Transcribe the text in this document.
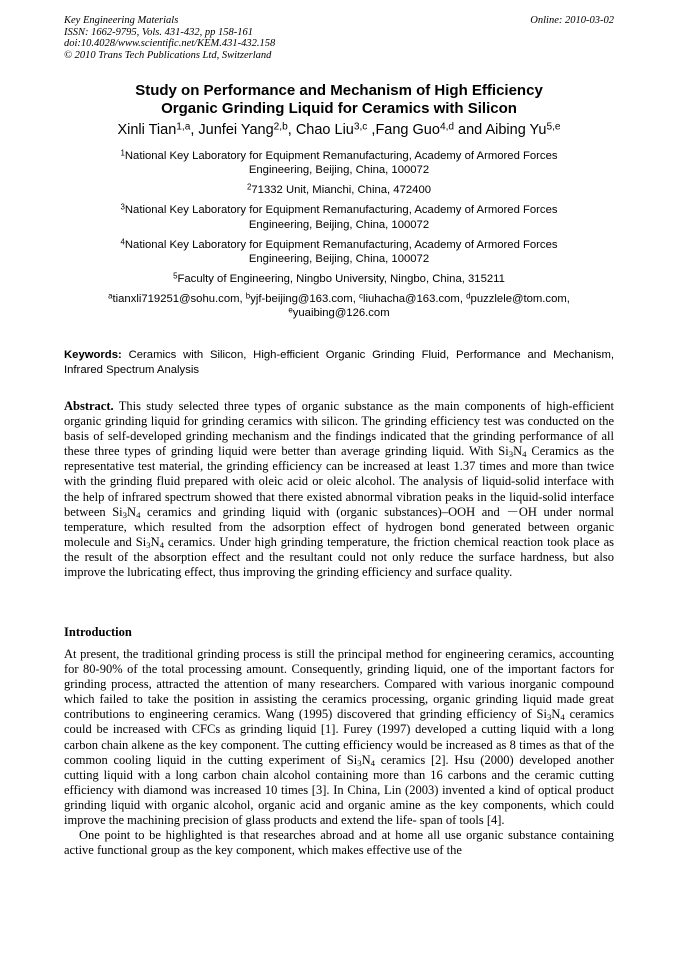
Key Engineering Materials
ISSN: 1662-9795, Vols. 431-432, pp 158-161
doi:10.4028/www.scientific.net/KEM.431-432.158
© 2010 Trans Tech Publications Ltd, Switzerland
Online: 2010-03-02
Study on Performance and Mechanism of High Efficiency
Organic Grinding Liquid for Ceramics with Silicon
Xinli Tian$^{1,a}$, Junfei Yang$^{2,b}$, Chao Liu$^{3,c}$ ,Fang Guo$^{4,d}$ and Aibing Yu$^{5,e}$

$^1$National Key Laboratory for Equipment Remanufacturing, Academy of Armored Forces
Engineering, Beijing, China, 100072

$^2$71332 Unit, Mianchi, China, 472400

$^3$National Key Laboratory for Equipment Remanufacturing, Academy of Armored Forces
Engineering, Beijing, China, 100072

$^4$National Key Laboratory for Equipment Remanufacturing, Academy of Armored Forces
Engineering, Beijing, China, 100072

$^5$Faculty of Engineering, Ningbo University, Ningbo, China, 315211

$^a$tianxli719251@sohu.com, $^b$yjf-beijing@163.com, $^c$liuhacha@163.com, $^d$puzzlele@tom.com,
$^e$yuaibing@126.com

Keywords: Ceramics with Silicon, High-efficient Organic Grinding Fluid, Performance and Mechanism, Infrared Spectrum Analysis
Abstract. This study selected three types of organic substance as the main components of high-efficient organic grinding liquid for grinding ceramics with silicon. The grinding efficiency test was conducted on the basis of self-developed grinding mechanism and the findings indicated that the grinding performance of all these three types of grinding liquid were better than average grinding liquid. With $Si_3N_4$ Ceramics as the representative test material, the grinding efficiency can be increased at least 1.37 times and more than twice with the grinding fluid prepared with oleic acid or oleic alcohol. The analysis of liquid-solid interface with the help of infrared spectrum showed that there existed abnormal vibration peaks in the liquid-solid interface between $Si_3N_4$ ceramics and grinding liquid with (organic substances)–OOH and －OH under normal temperature, which resulted from the adsorption effect of hydrogen bond generated between organic molecule and $Si_3N_4$ ceramics. Under high grinding temperature, the friction chemical reaction took place as the result of the absorption effect and the resultant could not only reduce the surface hardness, but also improve the lubricating effect, thus improving the grinding efficiency and surface quality.
Introduction

At present, the traditional grinding process is still the principal method for engineering ceramics, accounting for 80-90% of the total processing amount. Consequently, grinding liquid, one of the important factors for grinding process, attracted the attention of many researchers. Compared with various inorganic compound which failed to take the position in assisting the ceramics processing, organic grinding liquid made great contributions to engineering ceramics. Wang (1995) discovered that grinding efficiency of $Si_3N_4$ ceramics could be increased with CFCs as grinding liquid [1]. Furey (1997) developed a cutting liquid with a long carbon chain alkene as the key component. The cutting efficiency would be increased as 8 times as that of the common cooling liquid in the cutting experiment of $Si_3N_4$ ceramics [2]. Hsu (2000) developed another cutting liquid with a long carbon chain alcohol containing more than 16 carbons and the ceramic cutting efficiency with diamond was increased 10 times [3]. In China, Lin (2003) invented a kind of optical product grinding liquid with organic alcohol, organic acid and organic amine as the key components, which could improve the machining precision of glass products and extend the life- span of tools [4].

One point to be highlighted is that researches abroad and at home all use organic substance containing active functional group as the key component, which makes effective use of the
